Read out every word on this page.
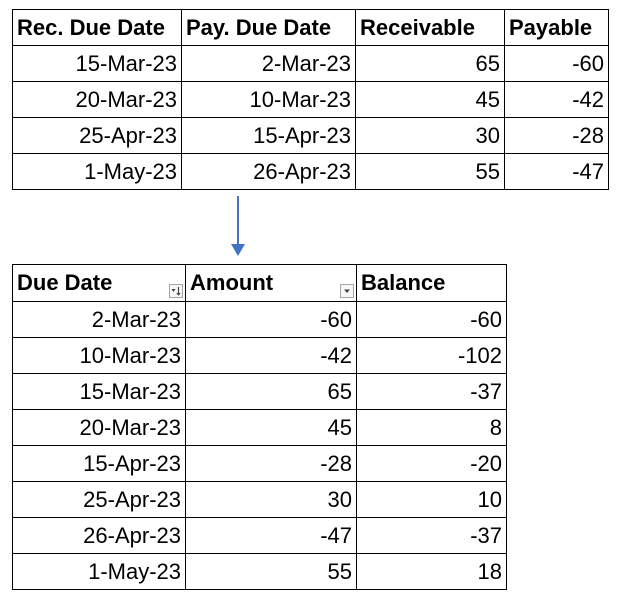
Rec. Due Date	Pay. Due Date	Receivable	Payable
15-Mar-23	2-Mar-23	65	-60
20-Mar-23	10-Mar-23	45	-42
25-Apr-23	15-Apr-23	30	-28
1-May-23	26-Apr-23	55	-47
Due Date	Amount	Balance
2-Mar-23	-60	-60
10-Mar-23	-42	-102
15-Mar-23	65	-37
20-Mar-23	45	8
15-Apr-23	-28	-20
25-Apr-23	30	10
26-Apr-23	-47	-37
1-May-23	55	18
